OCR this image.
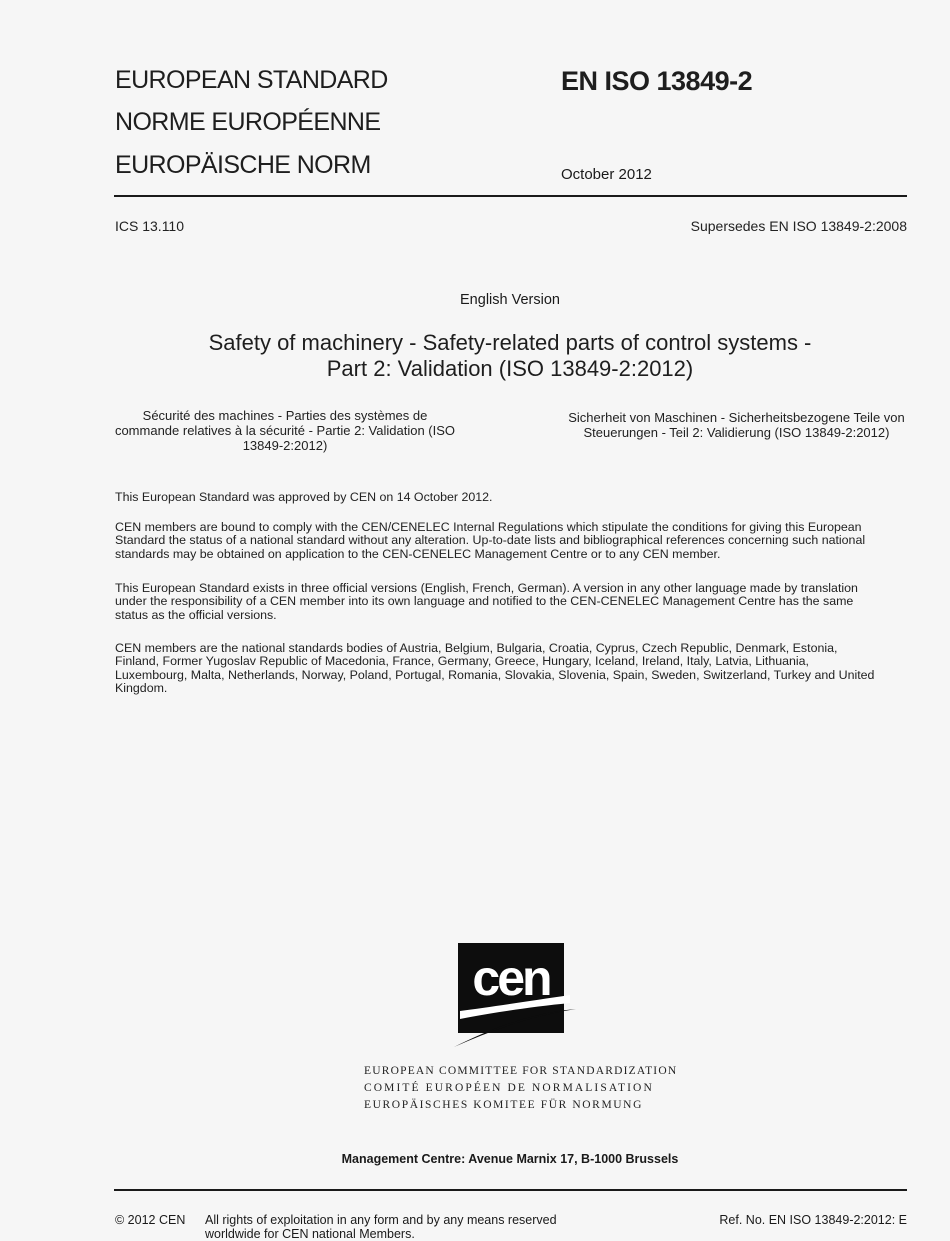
EUROPEAN STANDARD
NORME EUROPÉENNE
EUROPÄISCHE NORM
EN ISO 13849-2
October 2012
ICS 13.110	Supersedes EN ISO 13849-2:2008
English Version
Safety of machinery - Safety-related parts of control systems -
Part 2: Validation (ISO 13849-2:2012)
Sécurité des machines - Parties des systèmes de
commande relatives à la sécurité - Partie 2: Validation (ISO
13849-2:2012)
Sicherheit von Maschinen - Sicherheitsbezogene Teile von
Steuerungen - Teil 2: Validierung (ISO 13849-2:2012)
This European Standard was approved by CEN on 14 October 2012.
CEN members are bound to comply with the CEN/CENELEC Internal Regulations which stipulate the conditions for giving this European
Standard the status of a national standard without any alteration. Up-to-date lists and bibliographical references concerning such national
standards may be obtained on application to the CEN-CENELEC Management Centre or to any CEN member.
This European Standard exists in three official versions (English, French, German). A version in any other language made by translation
under the responsibility of a CEN member into its own language and notified to the CEN-CENELEC Management Centre has the same
status as the official versions.
CEN members are the national standards bodies of Austria, Belgium, Bulgaria, Croatia, Cyprus, Czech Republic, Denmark, Estonia,
Finland, Former Yugoslav Republic of Macedonia, France, Germany, Greece, Hungary, Iceland, Ireland, Italy, Latvia, Lithuania,
Luxembourg, Malta, Netherlands, Norway, Poland, Portugal, Romania, Slovakia, Slovenia, Spain, Sweden, Switzerland, Turkey and United
Kingdom.
cen
EUROPEAN COMMITTEE FOR STANDARDIZATION
COMITÉ EUROPÉEN DE NORMALISATION
EUROPÄISCHES KOMITEE FÜR NORMUNG
Management Centre: Avenue Marnix 17, B-1000 Brussels
© 2012 CEN All rights of exploitation in any form and by any means reserved
worldwide for CEN national Members.
Ref. No. EN ISO 13849-2:2012: E
